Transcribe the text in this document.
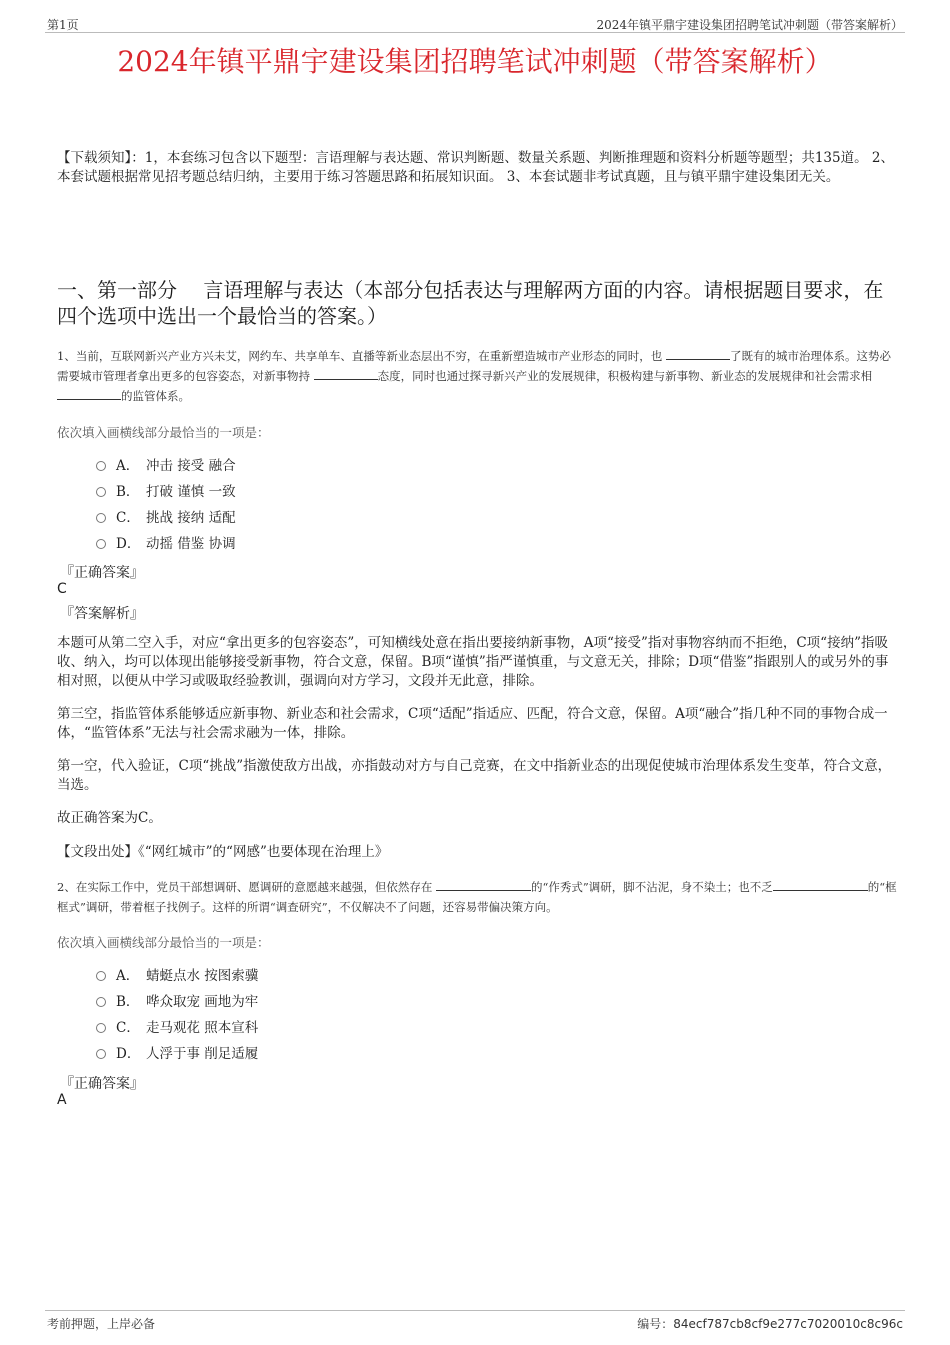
第1页	2024年镇平鼎宇建设集团招聘笔试冲刺题（带答案解析）
2024年镇平鼎宇建设集团招聘笔试冲刺题（带答案解析）
【下载须知】：1，本套练习包含以下题型：言语理解与表达题、常识判断题、数量关系题、判断推理题和资料分析题等题型；共135道。 2、本套试题根据常见招考题总结归纳，主要用于练习答题思路和拓展知识面。 3、本套试题非考试真题，且与镇平鼎宇建设集团无关。
一、第一部分　 言语理解与表达（本部分包括表达与理解两方面的内容。请根据题目要求，在四个选项中选出一个最恰当的答案。）
1、当前，互联网新兴产业方兴未艾，网约车、共享单车、直播等新业态层出不穷，在重新塑造城市产业形态的同时，也	了既有的城市治理体系。这势必需要城市管理者拿出更多的包容姿态，对新事物持	态度，同时也通过探寻新兴产业的发展规律，积极构建与新事物、新业态的发展规律和社会需求相 的监管体系。
依次填入画横线部分最恰当的一项是：
A． 冲击 接受 融合
B． 打破 谨慎 一致
C． 挑战 接纳 适配
D． 动摇 借鉴 协调
『正确答案』
C
『答案解析』
本题可从第二空入手，对应“拿出更多的包容姿态”，可知横线处意在指出要接纳新事物，A项“接受”指对事物容纳而不拒绝，C项“接纳”指吸收、纳入，均可以体现出能够接受新事物，符合文意，保留。B项“谨慎”指严谨慎重，与文意无关，排除；D项“借鉴”指跟别人的或另外的事相对照，以便从中学习或吸取经验教训，强调向对方学习，文段并无此意，排除。
第三空，指监管体系能够适应新事物、新业态和社会需求，C项“适配”指适应、匹配，符合文意，保留。A项“融合”指几种不同的事物合成一体，“监管体系”无法与社会需求融为一体，排除。
第一空，代入验证，C项“挑战”指激使敌方出战，亦指鼓动对方与自己竞赛，在文中指新业态的出现促使城市治理体系发生变革，符合文意，当选。
故正确答案为C。
【文段出处】《“网红城市”的“网感”也要体现在治理上》
2、在实际工作中，党员干部想调研、愿调研的意愿越来越强，但依然存在	的“作秀式”调研，脚不沾泥，身不染土；也不乏	的“框框式”调研，带着框子找例子。这样的所谓“调查研究”，不仅解决不了问题，还容易带偏决策方向。
依次填入画横线部分最恰当的一项是：
A． 蜻蜓点水 按图索骥
B． 哗众取宠 画地为牢
C． 走马观花 照本宣科
D． 人浮于事 削足适履
『正确答案』
A
考前押题，上岸必备	编号：84ecf787cb8cf9e277c7020010c8c96c
